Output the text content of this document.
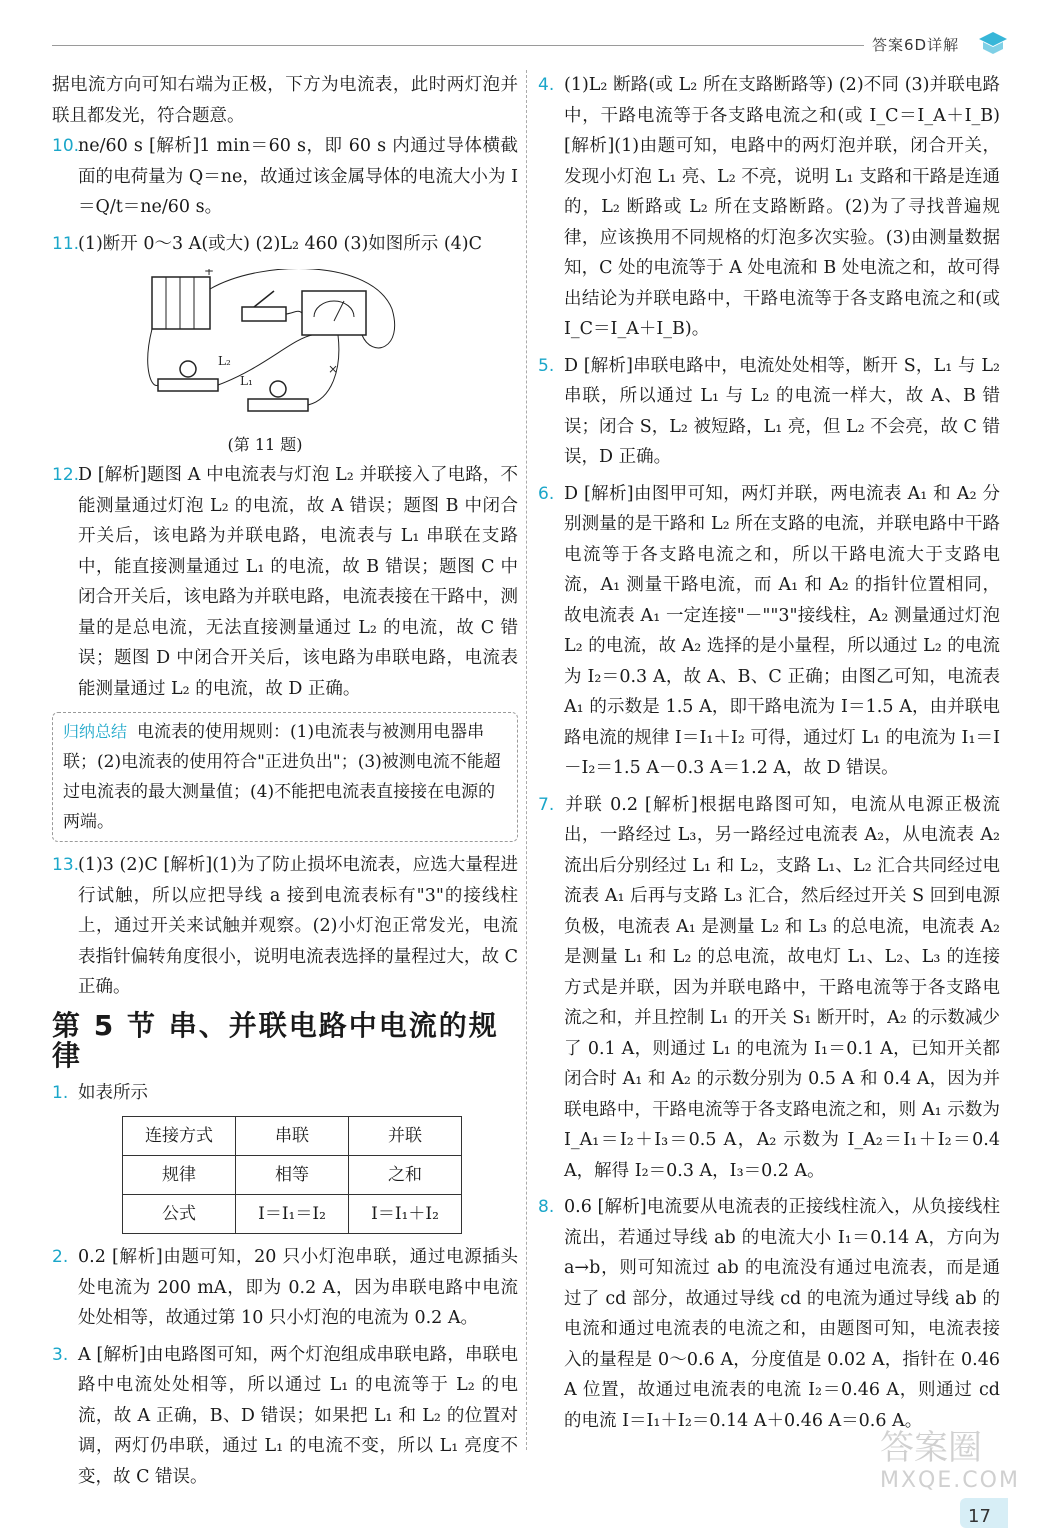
答案6D详解

据电流方向可知右端为正极，下方为电流表，此时两灯泡并联且都发光，符合题意。

10.ne/60 s [解析]1 min＝60 s，即 60 s 内通过导体横截面的电荷量为 Q＝ne，故通过该金属导体的电流大小为 I＝Q/t＝ne/60 s。

11.(1)断开 0～3 A(或大) (2)L₂ 460 (3)如图所示 (4)C

+
L₂
L₁
×

(第 11 题)

12.D [解析]题图 A 中电流表与灯泡 L₂ 并联接入了电路，不能测量通过灯泡 L₂ 的电流，故 A 错误；题图 B 中闭合开关后，该电路为并联电路，电流表与 L₁ 串联在支路中，能直接测量通过 L₁ 的电流，故 B 错误；题图 C 中闭合开关后，该电路为并联电路，电流表接在干路中，测量的是总电流，无法直接测量通过 L₂ 的电流，故 C 错误；题图 D 中闭合开关后，该电路为串联电路，电流表能测量通过 L₂ 的电流，故 D 正确。

归纳总结 电流表的使用规则：(1)电流表与被测用电器串联；(2)电流表的使用符合"正进负出"；(3)被测电流不能超过电流表的最大测量值；(4)不能把电流表直接接在电源的两端。

13.(1)3 (2)C [解析](1)为了防止损坏电流表，应选大量程进行试触，所以应把导线 a 接到电流表标有"3"的接线柱上，通过开关来试触并观察。(2)小灯泡正常发光，电流表指针偏转角度很小，说明电流表选择的量程过大，故 C 正确。

第 5 节 串、并联电路中电流的规律

1. 如表所示

连接方式	串联	并联
规律	相等	之和
公式	I＝I₁＝I₂	I＝I₁＋I₂

2. 0.2 [解析]由题可知，20 只小灯泡串联，通过电源插头处电流为 200 mA，即为 0.2 A，因为串联电路中电流处处相等，故通过第 10 只小灯泡的电流为 0.2 A。

3. A [解析]由电路图可知，两个灯泡组成串联电路，串联电路中电流处处相等，所以通过 L₁ 的电流等于 L₂ 的电流，故 A 正确，B、D 错误；如果把 L₁ 和 L₂ 的位置对调，两灯仍串联，通过 L₁ 的电流不变，所以 L₁ 亮度不变，故 C 错误。

4. (1)L₂ 断路(或 L₂ 所在支路断路等) (2)不同 (3)并联电路中，干路电流等于各支路电流之和(或 I_C＝I_A＋I_B) [解析](1)由题可知，电路中的两灯泡并联，闭合开关，发现小灯泡 L₁ 亮、L₂ 不亮，说明 L₁ 支路和干路是连通的，L₂ 断路或 L₂ 所在支路断路。(2)为了寻找普遍规律，应该换用不同规格的灯泡多次实验。(3)由测量数据知，C 处的电流等于 A 处电流和 B 处电流之和，故可得出结论为并联电路中，干路电流等于各支路电流之和(或 I_C＝I_A＋I_B)。

5. D [解析]串联电路中，电流处处相等，断开 S，L₁ 与 L₂ 串联，所以通过 L₁ 与 L₂ 的电流一样大，故 A、B 错误；闭合 S，L₂ 被短路，L₁ 亮，但 L₂ 不会亮，故 C 错误，D 正确。

6. D [解析]由图甲可知，两灯并联，两电流表 A₁ 和 A₂ 分别测量的是干路和 L₂ 所在支路的电流，并联电路中干路电流等于各支路电流之和，所以干路电流大于支路电流，A₁ 测量干路电流，而 A₁ 和 A₂ 的指针位置相同，故电流表 A₁ 一定连接"－""3"接线柱，A₂ 测量通过灯泡 L₂ 的电流，故 A₂ 选择的是小量程，所以通过 L₂ 的电流为 I₂＝0.3 A，故 A、B、C 正确；由图乙可知，电流表 A₁ 的示数是 1.5 A，即干路电流为 I＝1.5 A，由并联电路电流的规律 I＝I₁＋I₂ 可得，通过灯 L₁ 的电流为 I₁＝I－I₂＝1.5 A－0.3 A＝1.2 A，故 D 错误。

7. 并联 0.2 [解析]根据电路图可知，电流从电源正极流出，一路经过 L₃，另一路经过电流表 A₂，从电流表 A₂ 流出后分别经过 L₁ 和 L₂，支路 L₁、L₂ 汇合共同经过电流表 A₁ 后再与支路 L₃ 汇合，然后经过开关 S 回到电源负极，电流表 A₁ 是测量 L₂ 和 L₃ 的总电流，电流表 A₂ 是测量 L₁ 和 L₂ 的总电流，故电灯 L₁、L₂、L₃ 的连接方式是并联，因为并联电路中，干路电流等于各支路电流之和，并且控制 L₁ 的开关 S₁ 断开时，A₂ 的示数减少了 0.1 A，则通过 L₁ 的电流为 I₁＝0.1 A，已知开关都闭合时 A₁ 和 A₂ 的示数分别为 0.5 A 和 0.4 A，因为并联电路中，干路电流等于各支路电流之和，则 A₁ 示数为 I_A₁＝I₂＋I₃＝0.5 A，A₂ 示数为 I_A₂＝I₁＋I₂＝0.4 A，解得 I₂＝0.3 A，I₃＝0.2 A。

8. 0.6 [解析]电流要从电流表的正接线柱流入，从负接线柱流出，若通过导线 ab 的电流大小 I₁＝0.14 A，方向为 a→b，则可知流过 ab 的电流没有通过电流表，而是通过了 cd 部分，故通过导线 cd 的电流为通过导线 ab 的电流和通过电流表的电流之和，由题图可知，电流表接入的量程是 0～0.6 A，分度值是 0.02 A，指针在 0.46 A 位置，故通过电流表的电流 I₂＝0.46 A，则通过 cd 的电流 I＝I₁＋I₂＝0.14 A＋0.46 A＝0.6 A。

答案圈
MXQE.COM
17
